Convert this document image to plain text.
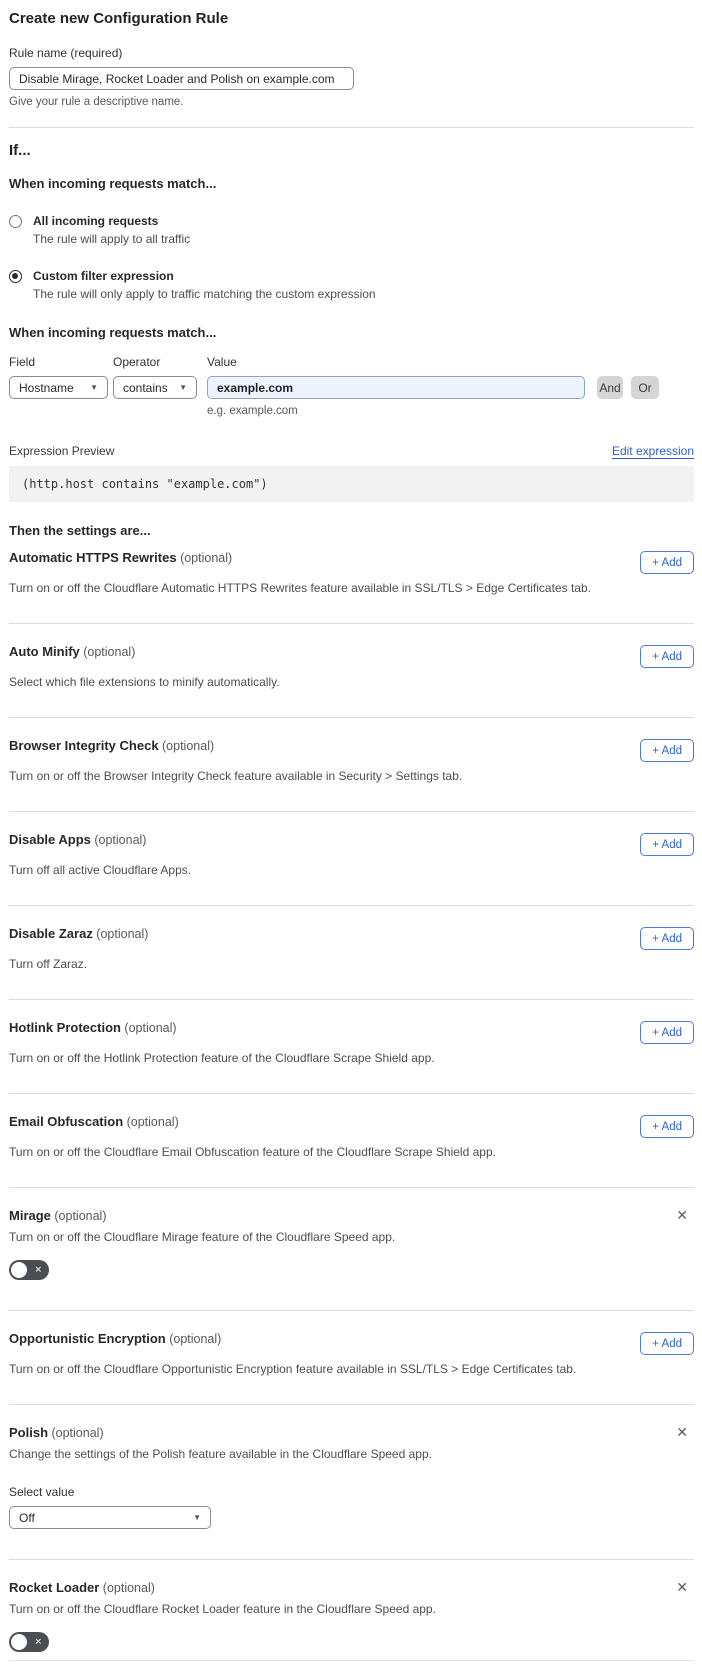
Create new Configuration Rule
Rule name (required)
Disable Mirage, Rocket Loader and Polish on example.com
Give your rule a descriptive name.
If...
When incoming requests match...
All incoming requests
The rule will apply to all traffic
Custom filter expression
The rule will only apply to traffic matching the custom expression
When incoming requests match...
Field	Operator	Value
Hostname ▼ contains ▼
example.com	And	Or
e.g. example.com
Expression Preview	Edit expression
(http.host contains "example.com")
Then the settings are...
Automatic HTTPS Rewrites (optional)	+ Add
Turn on or off the Cloudflare Automatic HTTPS Rewrites feature available in SSL/TLS > Edge Certificates tab.
Auto Minify (optional)	+ Add
Select which file extensions to minify automatically.
Browser Integrity Check (optional)	+ Add
Turn on or off the Browser Integrity Check feature available in Security > Settings tab.
Disable Apps (optional)	+ Add
Turn off all active Cloudflare Apps.
Disable Zaraz (optional)	+ Add
Turn off Zaraz.
Hotlink Protection (optional)	+ Add
Turn on or off the Hotlink Protection feature of the Cloudflare Scrape Shield app.
Email Obfuscation (optional)	+ Add
Turn on or off the Cloudflare Email Obfuscation feature of the Cloudflare Scrape Shield app.
Mirage (optional)	✕
Turn on or off the Cloudflare Mirage feature of the Cloudflare Speed app.
✕
Opportunistic Encryption (optional)	+ Add
Turn on or off the Cloudflare Opportunistic Encryption feature available in SSL/TLS > Edge Certificates tab.
Polish (optional)	✕
Change the settings of the Polish feature available in the Cloudflare Speed app.
Select value
Off	▼
Rocket Loader (optional)	✕
Turn on or off the Cloudflare Rocket Loader feature in the Cloudflare Speed app.
✕
